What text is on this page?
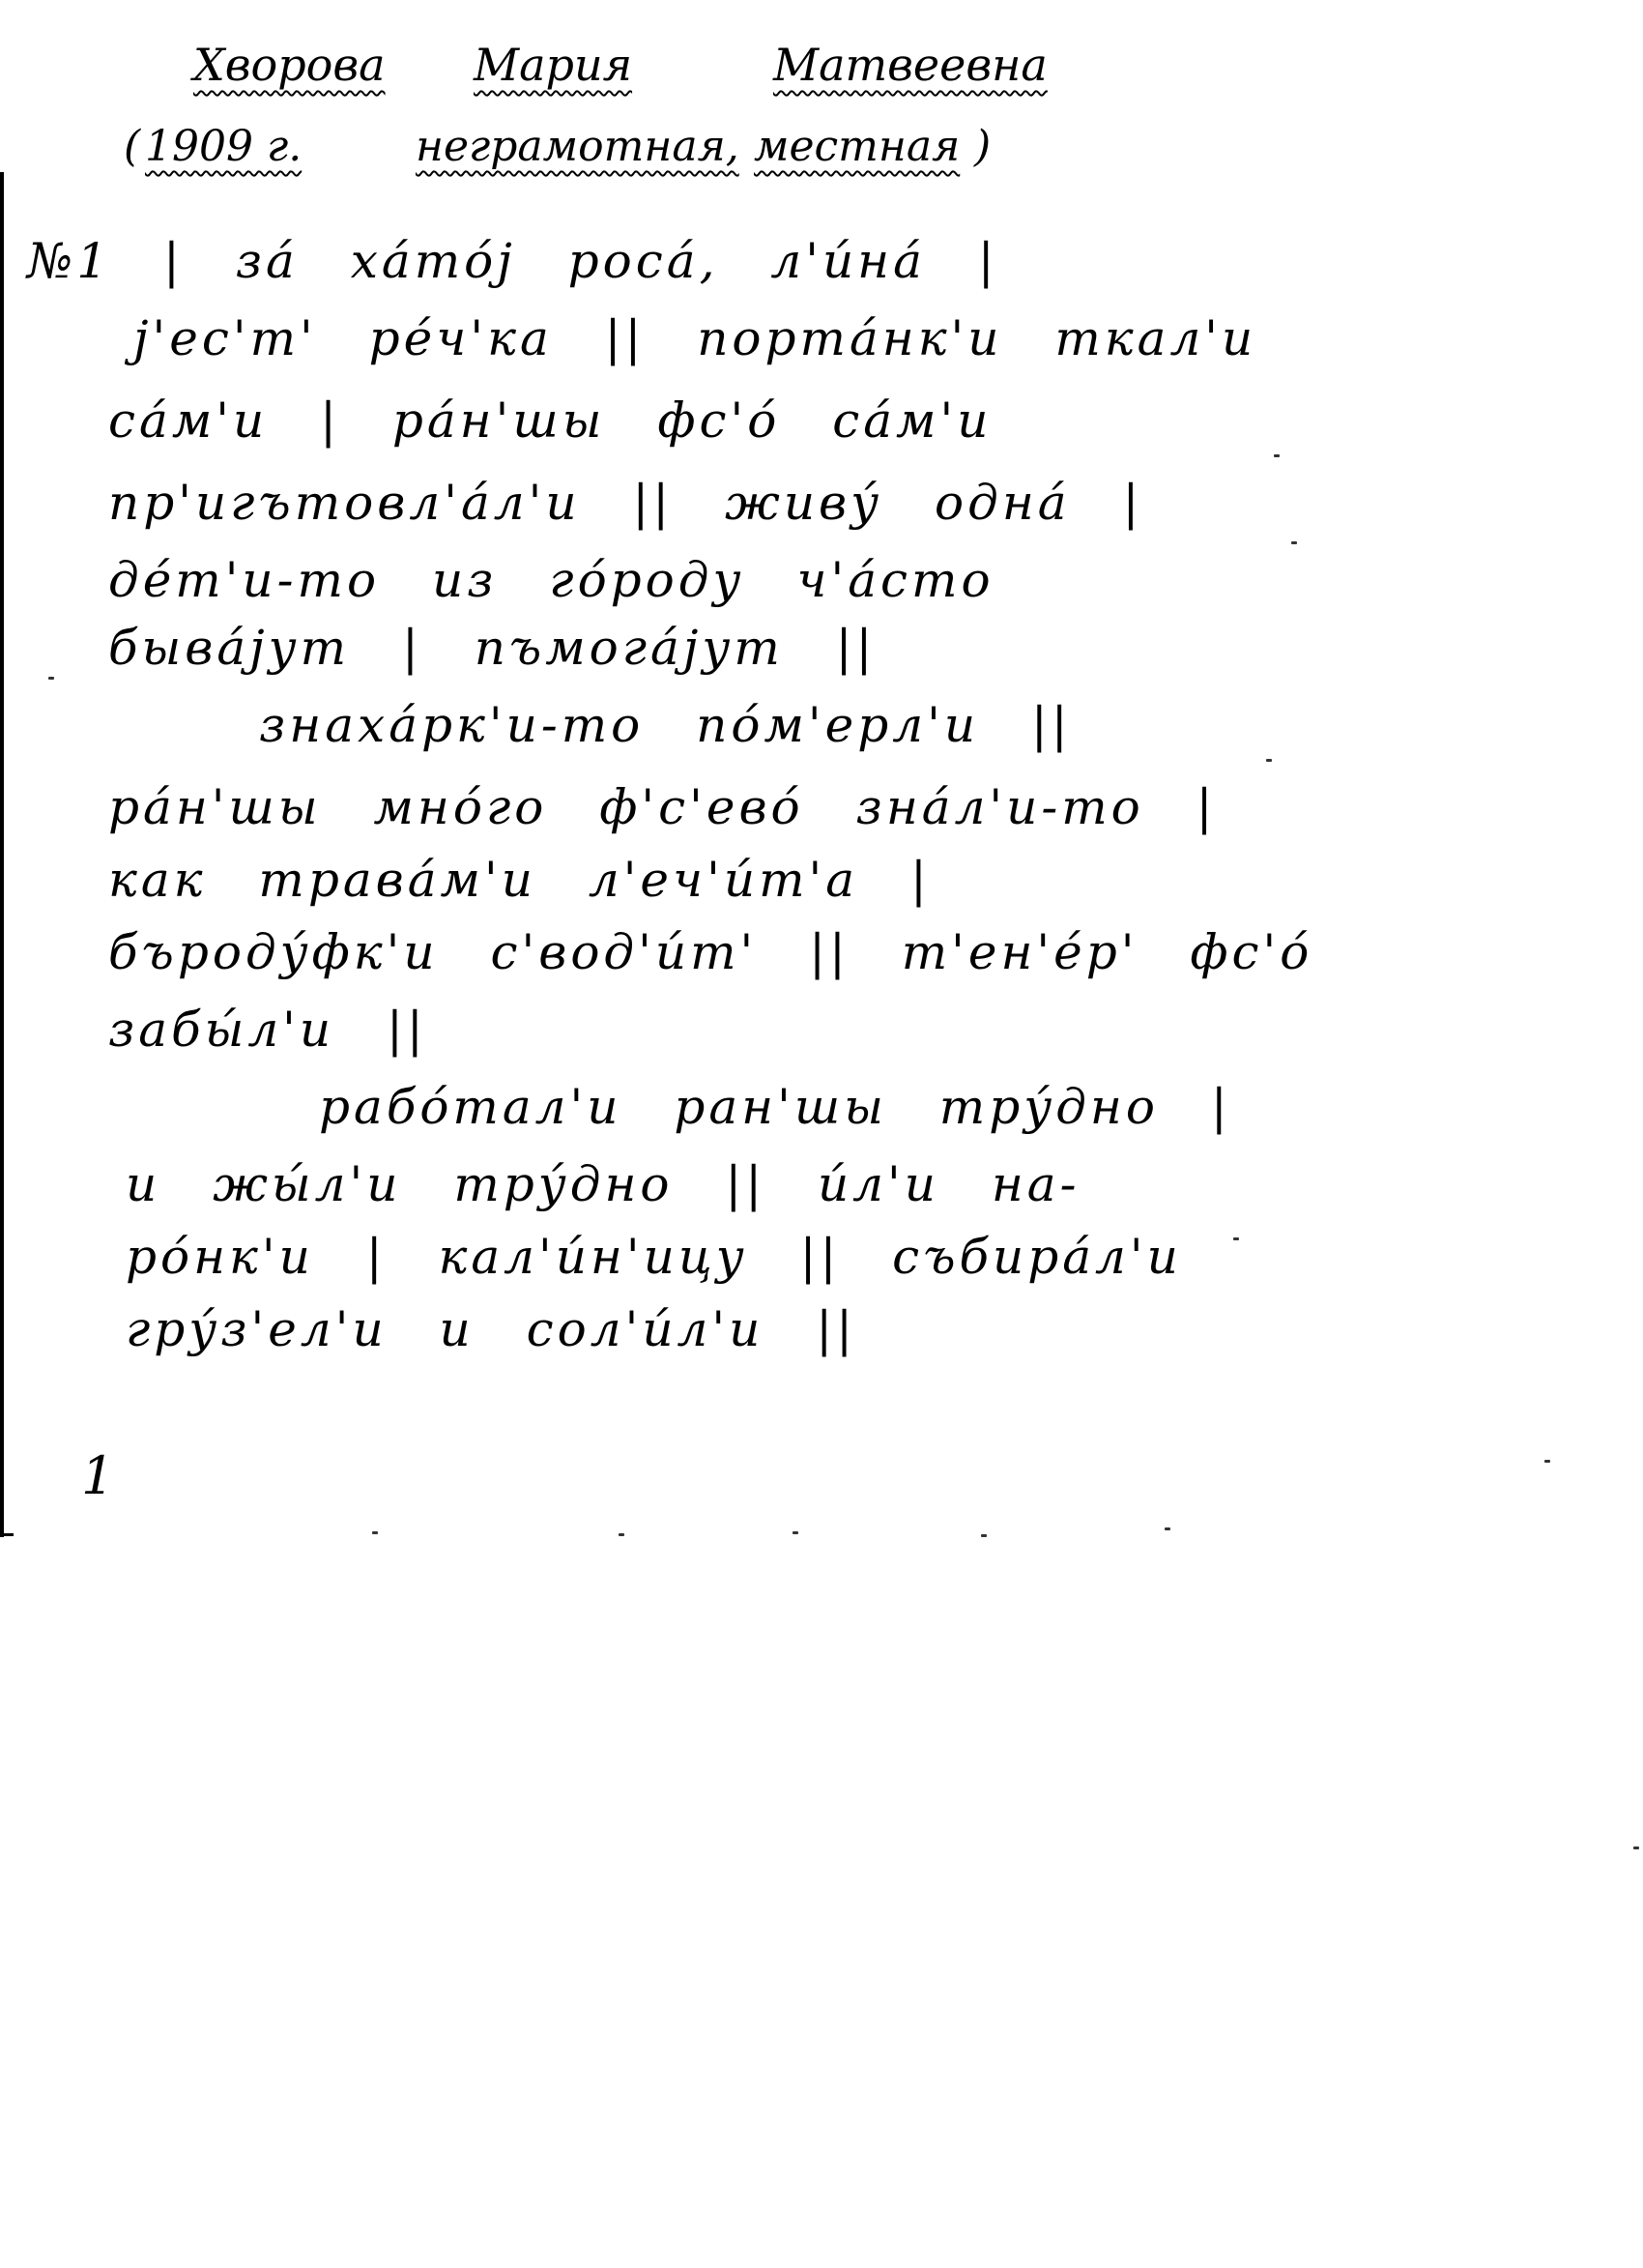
Хворова Мария	Матвеевна
( 1909 г.	неграмотная, местная )
№1 | за́ ха́то́ј роса́, л'и́на́ |
ј'ес'т' ре́ч'ка || порта́нк'и ткал'и
са́м'и | ра́н'шы фс'о́ са́м'и
пр'игътовл'а́л'и || живу́ одна́ |
де́т'и-то из го́роду ч'а́сто
быва́јут | пъмога́јут ||
знаха́рк'и-то по́м'ерл'и ||
ра́н'шы мно́го ф'с'ево́ зна́л'и-то |
как трава́м'и л'еч'и́т'а |
бъроду́фк'и с'вод'и́т' || т'ен'е́р' фс'о́
забы́л'и ||
рабо́тал'и ран'шы тру́дно |
и жы́л'и тру́дно || и́л'и на-
ро́нк'и | кал'и́н'ицу || събира́л'и
гру́з'ел'и и сол'и́л'и ||
1
